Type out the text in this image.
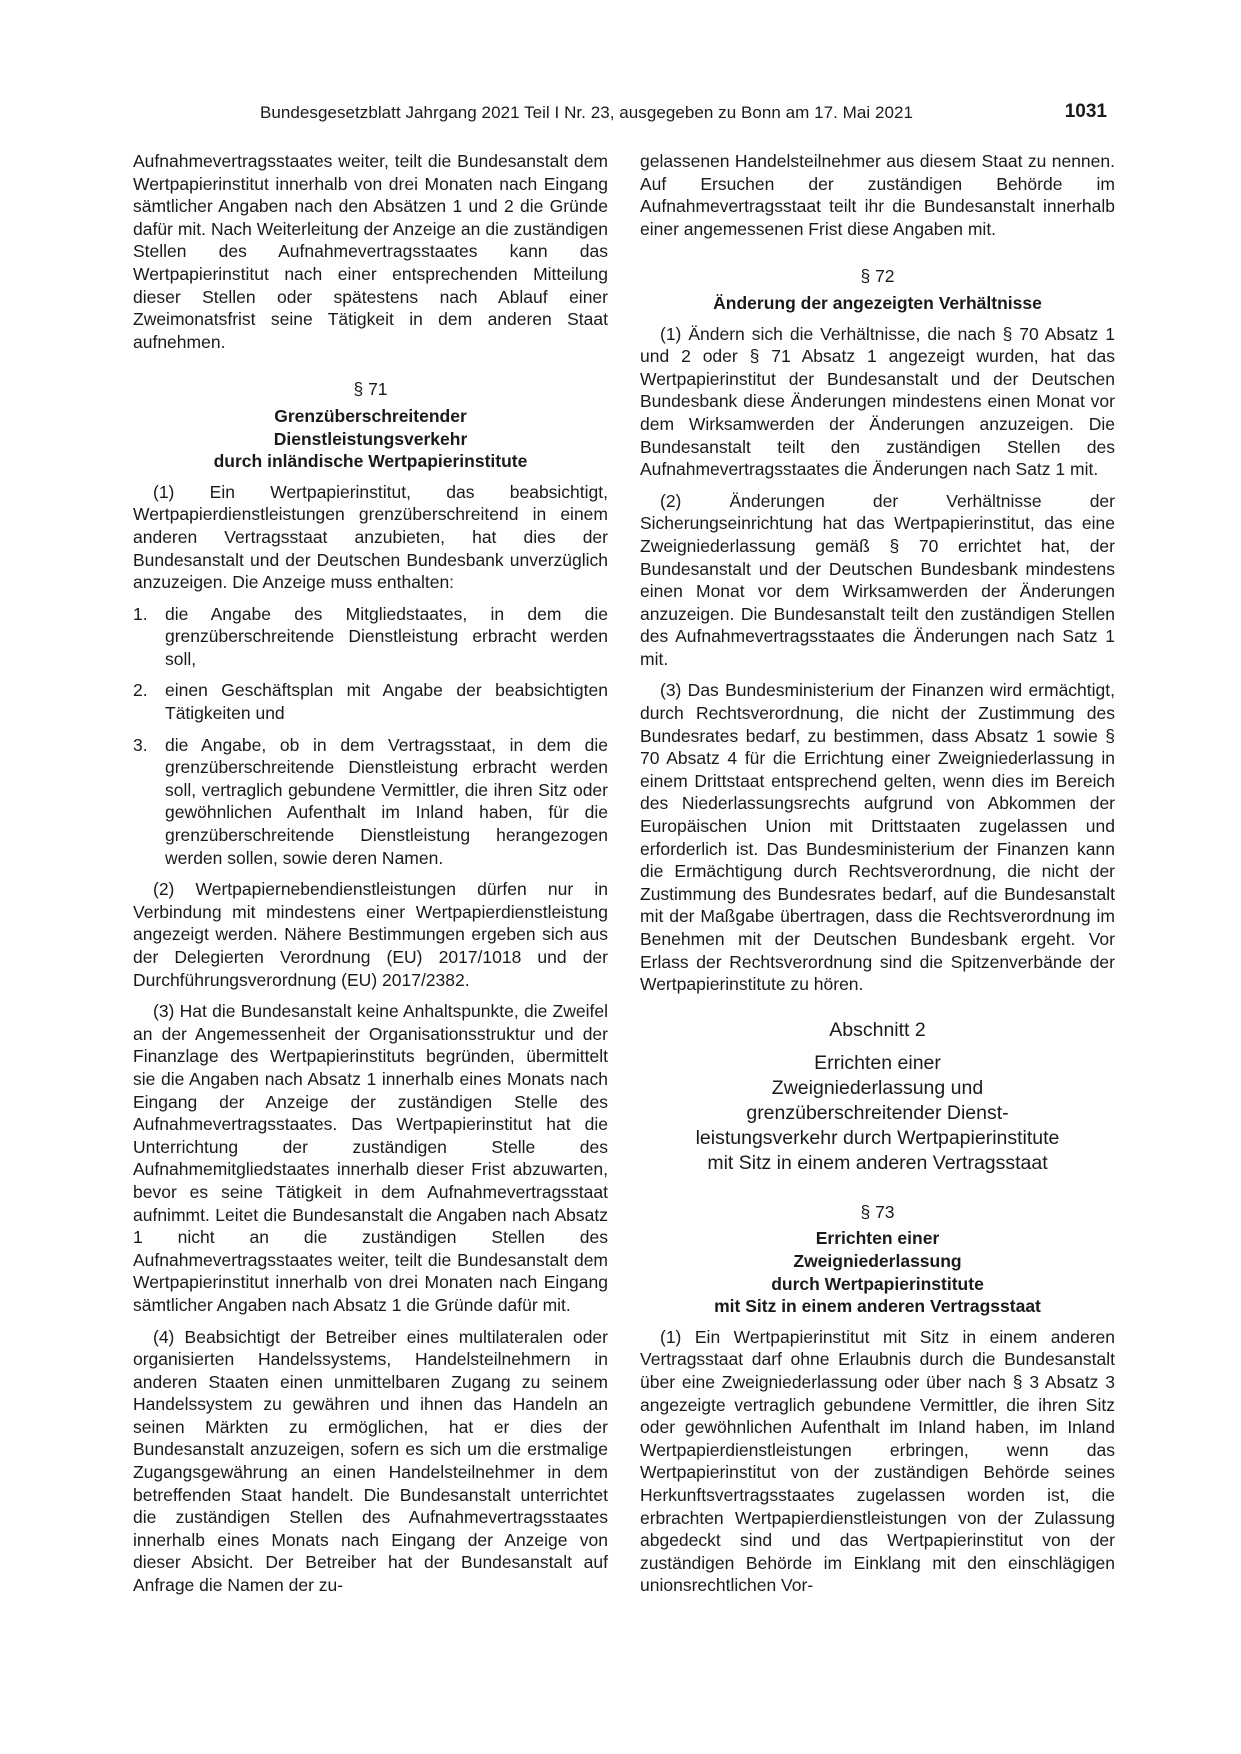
Bundesgesetzblatt Jahrgang 2021 Teil I Nr. 23, ausgegeben zu Bonn am 17. Mai 2021	1031

Aufnahmevertragsstaates weiter, teilt die Bundesanstalt dem Wertpapierinstitut innerhalb von drei Monaten nach Eingang sämtlicher Angaben nach den Absätzen 1 und 2 die Gründe dafür mit. Nach Weiterleitung der Anzeige an die zuständigen Stellen des Aufnahmevertragsstaates kann das Wertpapierinstitut nach einer entsprechenden Mitteilung dieser Stellen oder spätestens nach Ablauf einer Zweimonatsfrist seine Tätigkeit in dem anderen Staat aufnehmen.

§ 71
Grenzüberschreitender
Dienstleistungsverkehr
durch inländische Wertpapierinstitute

(1) Ein Wertpapierinstitut, das beabsichtigt, Wertpapierdienstleistungen grenzüberschreitend in einem anderen Vertragsstaat anzubieten, hat dies der Bundesanstalt und der Deutschen Bundesbank unverzüglich anzuzeigen. Die Anzeige muss enthalten:

1. die Angabe des Mitgliedstaates, in dem die grenzüberschreitende Dienstleistung erbracht werden soll,
2. einen Geschäftsplan mit Angabe der beabsichtigten Tätigkeiten und
3. die Angabe, ob in dem Vertragsstaat, in dem die grenzüberschreitende Dienstleistung erbracht werden soll, vertraglich gebundene Vermittler, die ihren Sitz oder gewöhnlichen Aufenthalt im Inland haben, für die grenzüberschreitende Dienstleistung herangezogen werden sollen, sowie deren Namen.

(2) Wertpapiernebendienstleistungen dürfen nur in Verbindung mit mindestens einer Wertpapierdienstleistung angezeigt werden. Nähere Bestimmungen ergeben sich aus der Delegierten Verordnung (EU) 2017/1018 und der Durchführungsverordnung (EU) 2017/2382.

(3) Hat die Bundesanstalt keine Anhaltspunkte, die Zweifel an der Angemessenheit der Organisationsstruktur und der Finanzlage des Wertpapierinstituts begründen, übermittelt sie die Angaben nach Absatz 1 innerhalb eines Monats nach Eingang der Anzeige der zuständigen Stelle des Aufnahmevertragsstaates. Das Wertpapierinstitut hat die Unterrichtung der zuständigen Stelle des Aufnahmemitgliedstaates innerhalb dieser Frist abzuwarten, bevor es seine Tätigkeit in dem Aufnahmevertragsstaat aufnimmt. Leitet die Bundesanstalt die Angaben nach Absatz 1 nicht an die zuständigen Stellen des Aufnahmevertragsstaates weiter, teilt die Bundesanstalt dem Wertpapierinstitut innerhalb von drei Monaten nach Eingang sämtlicher Angaben nach Absatz 1 die Gründe dafür mit.

(4) Beabsichtigt der Betreiber eines multilateralen oder organisierten Handelssystems, Handelsteilnehmern in anderen Staaten einen unmittelbaren Zugang zu seinem Handelssystem zu gewähren und ihnen das Handeln an seinen Märkten zu ermöglichen, hat er dies der Bundesanstalt anzuzeigen, sofern es sich um die erstmalige Zugangsgewährung an einen Handelsteilnehmer in dem betreffenden Staat handelt. Die Bundesanstalt unterrichtet die zuständigen Stellen des Aufnahmevertragsstaates innerhalb eines Monats nach Eingang der Anzeige von dieser Absicht. Der Betreiber hat der Bundesanstalt auf Anfrage die Namen der zu-

gelassenen Handelsteilnehmer aus diesem Staat zu nennen. Auf Ersuchen der zuständigen Behörde im Aufnahmevertragsstaat teilt ihr die Bundesanstalt innerhalb einer angemessenen Frist diese Angaben mit.

§ 72
Änderung der angezeigten Verhältnisse

(1) Ändern sich die Verhältnisse, die nach § 70 Absatz 1 und 2 oder § 71 Absatz 1 angezeigt wurden, hat das Wertpapierinstitut der Bundesanstalt und der Deutschen Bundesbank diese Änderungen mindestens einen Monat vor dem Wirksamwerden der Änderungen anzuzeigen. Die Bundesanstalt teilt den zuständigen Stellen des Aufnahmevertragsstaates die Änderungen nach Satz 1 mit.

(2) Änderungen der Verhältnisse der Sicherungseinrichtung hat das Wertpapierinstitut, das eine Zweigniederlassung gemäß § 70 errichtet hat, der Bundesanstalt und der Deutschen Bundesbank mindestens einen Monat vor dem Wirksamwerden der Änderungen anzuzeigen. Die Bundesanstalt teilt den zuständigen Stellen des Aufnahmevertragsstaates die Änderungen nach Satz 1 mit.

(3) Das Bundesministerium der Finanzen wird ermächtigt, durch Rechtsverordnung, die nicht der Zustimmung des Bundesrates bedarf, zu bestimmen, dass Absatz 1 sowie § 70 Absatz 4 für die Errichtung einer Zweigniederlassung in einem Drittstaat entsprechend gelten, wenn dies im Bereich des Niederlassungsrechts aufgrund von Abkommen der Europäischen Union mit Drittstaaten zugelassen und erforderlich ist. Das Bundesministerium der Finanzen kann die Ermächtigung durch Rechtsverordnung, die nicht der Zustimmung des Bundesrates bedarf, auf die Bundesanstalt mit der Maßgabe übertragen, dass die Rechtsverordnung im Benehmen mit der Deutschen Bundesbank ergeht. Vor Erlass der Rechtsverordnung sind die Spitzenverbände der Wertpapierinstitute zu hören.

Abschnitt 2
Errichten einer
Zweigniederlassung und
grenzüberschreitender Dienst-
leistungsverkehr durch Wertpapierinstitute
mit Sitz in einem anderen Vertragsstaat
§ 73
Errichten einer
Zweigniederlassung
durch Wertpapierinstitute
mit Sitz in einem anderen Vertragsstaat

(1) Ein Wertpapierinstitut mit Sitz in einem anderen Vertragsstaat darf ohne Erlaubnis durch die Bundesanstalt über eine Zweigniederlassung oder über nach § 3 Absatz 3 angezeigte vertraglich gebundene Vermittler, die ihren Sitz oder gewöhnlichen Aufenthalt im Inland haben, im Inland Wertpapierdienstleistungen erbringen, wenn das Wertpapierinstitut von der zuständigen Behörde seines Herkunftsvertragsstaates zugelassen worden ist, die erbrachten Wertpapierdienstleistungen von der Zulassung abgedeckt sind und das Wertpapierinstitut von der zuständigen Behörde im Einklang mit den einschlägigen unionsrechtlichen Vor-
